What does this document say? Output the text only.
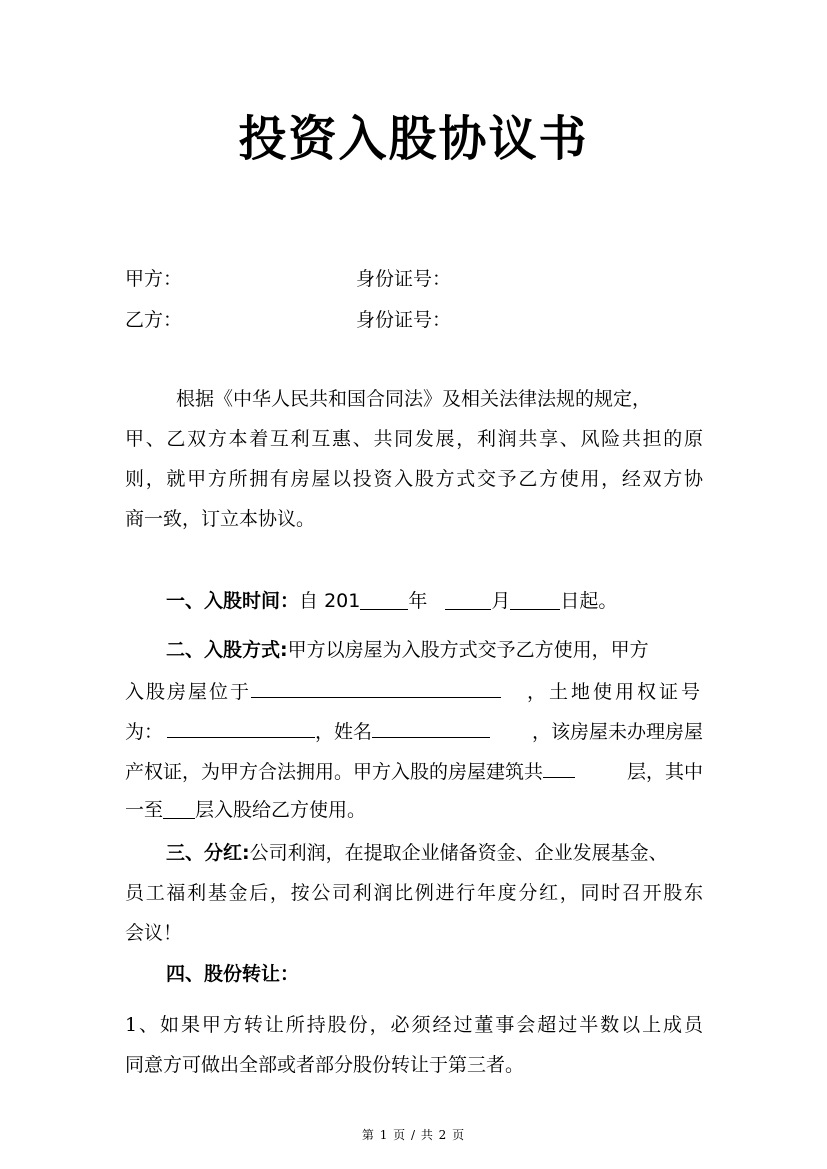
投资入股协议书
甲方：	身份证号：
乙方：	身份证号：
根据《中华人民共和国合同法》及相关法律法规的规定，
甲、乙双方本着互利互惠、共同发展，利润共享、风险共担的原
则，就甲方所拥有房屋以投资入股方式交予乙方使用，经双方协
商一致，订立本协议。
一、入股时间：自 201	年	月	日起。
二、入股方式:甲方以房屋为入股方式交予乙方使用，甲方
入股房屋位于	，土地使用权证号
为：	，姓名	，该房屋未办理房屋
产权证，为甲方合法拥用。甲方入股的房屋建筑共	层，其中
一至 层入股给乙方使用。
三、分红:公司利润，在提取企业储备资金、企业发展基金、
员工福利基金后，按公司利润比例进行年度分红，同时召开股东
会议！
四、股份转让：
1、如果甲方转让所持股份，必须经过董事会超过半数以上成员
同意方可做出全部或者部分股份转让于第三者。
第 1 页 / 共 2 页
